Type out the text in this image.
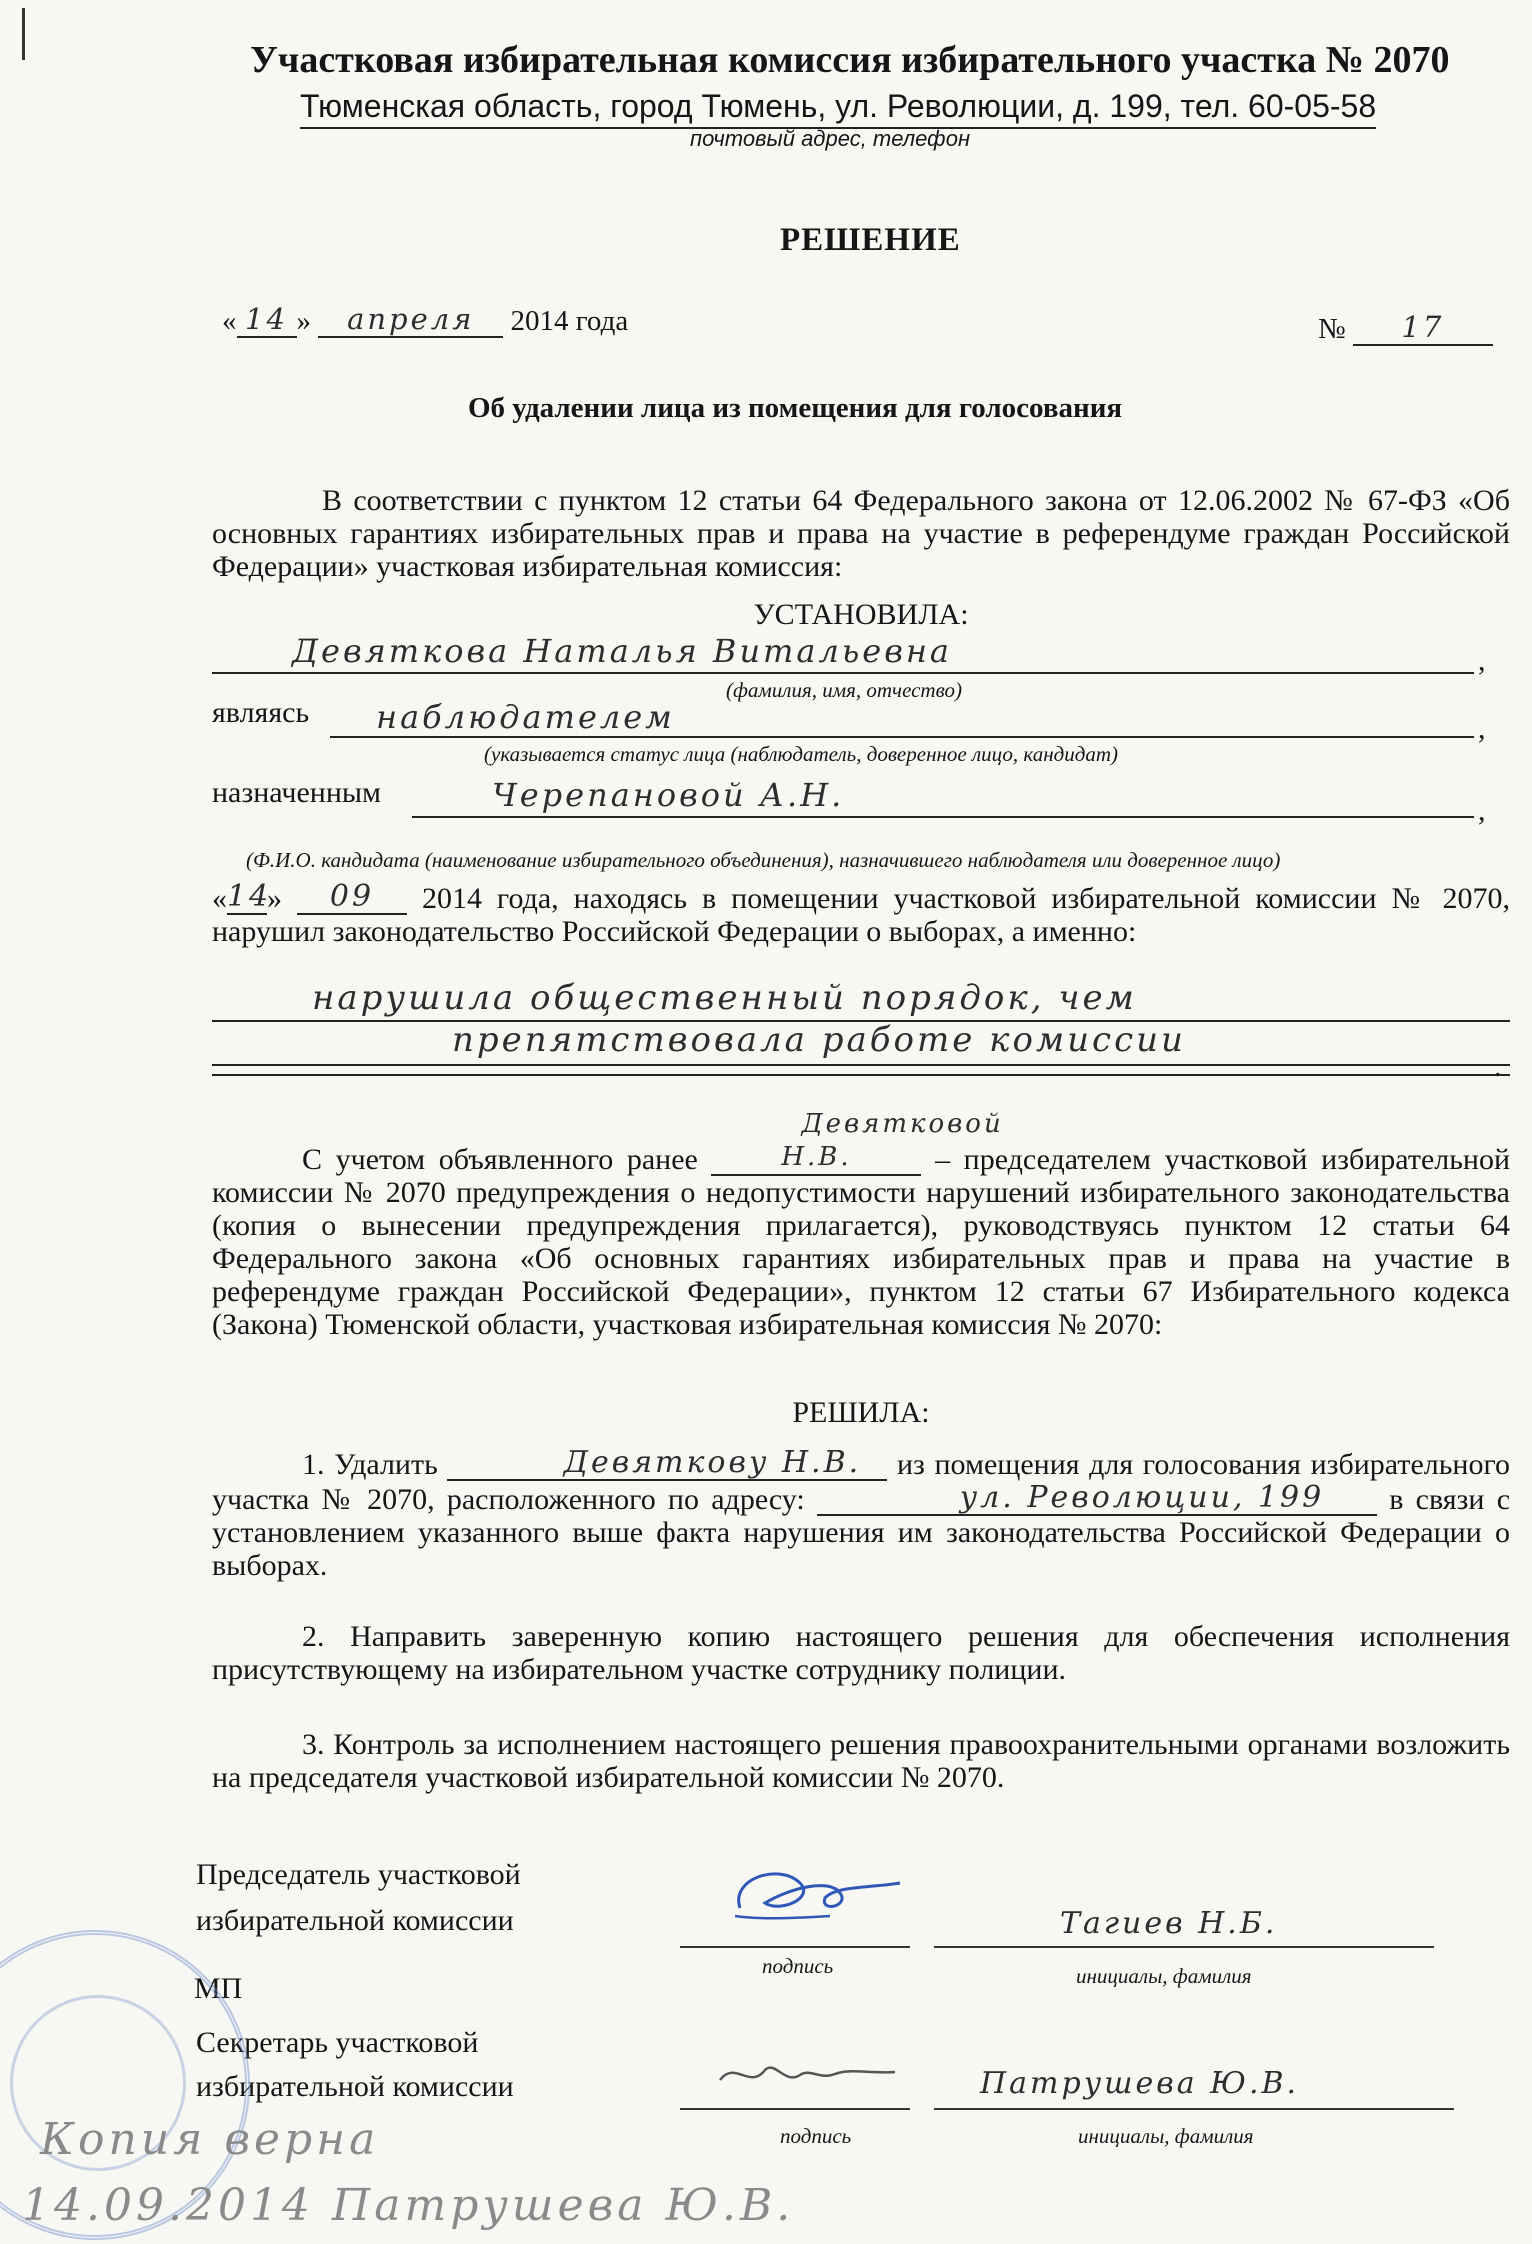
Участковая избирательная комиссия избирательного участка № 2070
Тюменская область, город Тюмень, ул. Революции, д. 199, тел. 60-05-58
почтовый адрес, телефон
РЕШЕНИЕ
« 14 » апреля 2014 года	№ 17
Об удалении лица из помещения для голосования
В соответствии с пунктом 12 статьи 64 Федерального закона от 12.06.2002 № 67-ФЗ «Об основных гарантиях избирательных прав и права на участие в референдуме граждан Российской Федерации» участковая избирательная комиссия:
УСТАНОВИЛА:
Девяткова Наталья Витальевна	,
(фамилия, имя, отчество)
являясь наблюдателем	,
(указывается статус лица (наблюдатель, доверенное лицо, кандидат)
назначенным	Черепановой А.Н.	,
(Ф.И.О. кандидата (наименование избирательного объединения), назначившего наблюдателя или доверенное лицо)
«14» 09 2014 года, находясь в помещении участковой избирательной комиссии № 2070, нарушил законодательство Российской Федерации о выборах, а именно:
нарушила общественный порядок, чем
препятствовала работе комиссии
.
С учетом объявленного ранее Девятковой Н.В.	– председателем участковой избирательной комиссии № 2070 предупреждения о недопустимости нарушений избирательного законодательства (копия о вынесении предупреждения прилагается), руководствуясь пунктом 12 статьи 64 Федерального закона «Об основных гарантиях избирательных прав и права на участие в референдуме граждан Российской Федерации», пунктом 12 статьи 67 Избирательного кодекса (Закона) Тюменской области, участковая избирательная комиссия № 2070:
РЕШИЛА:
1. Удалить	Девяткову Н.В. из помещения для голосования избирательного участка № 2070, расположенного по адресу:	ул. Революции, 199 в связи с установлением указанного выше факта нарушения им законодательства Российской Федерации о выборах.
2. Направить заверенную копию настоящего решения для обеспечения исполнения присутствующему на избирательном участке сотруднику полиции.
3. Контроль за исполнением настоящего решения правоохранительными органами возложить на председателя участковой избирательной комиссии № 2070.
Председатель участковой
избирательной комиссии	Тагиев Н.Б.
подпись	инициалы, фамилия
МП
Секретарь участковой
избирательной комиссии	Патрушева Ю.В.
подпись	инициалы, фамилия
Копия верна
14.09.2014 Патрушева Ю.В.
